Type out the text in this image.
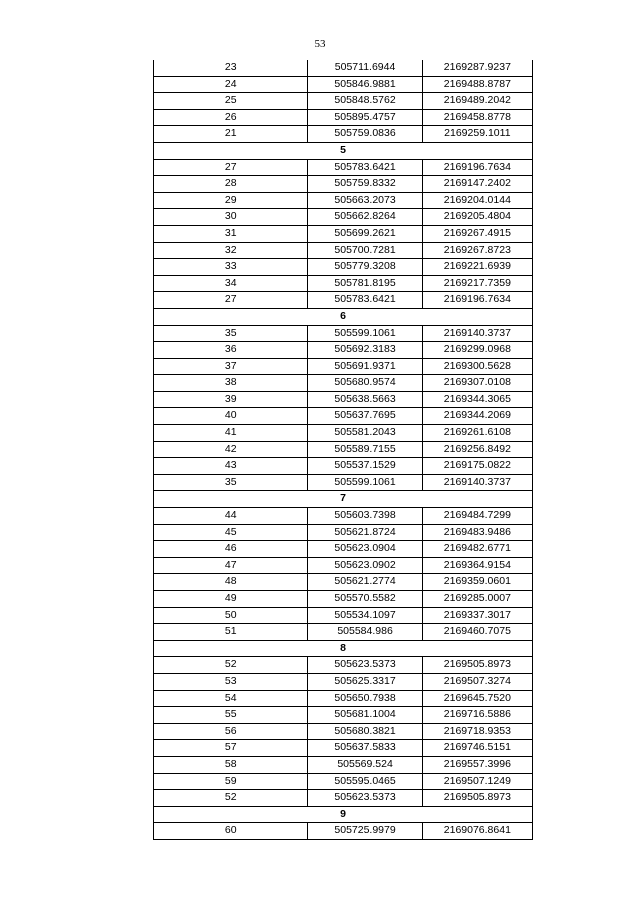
53
23	505711.6944	2169287.9237
24	505846.9881	2169488.8787
25	505848.5762	2169489.2042
26	505895.4757	2169458.8778
21	505759.0836	2169259.1011
5		
27	505783.6421	2169196.7634
28	505759.8332	2169147.2402
29	505663.2073	2169204.0144
30	505662.8264	2169205.4804
31	505699.2621	2169267.4915
32	505700.7281	2169267.8723
33	505779.3208	2169221.6939
34	505781.8195	2169217.7359
27	505783.6421	2169196.7634
6		
35	505599.1061	2169140.3737
36	505692.3183	2169299.0968
37	505691.9371	2169300.5628
38	505680.9574	2169307.0108
39	505638.5663	2169344.3065
40	505637.7695	2169344.2069
41	505581.2043	2169261.6108
42	505589.7155	2169256.8492
43	505537.1529	2169175.0822
35	505599.1061	2169140.3737
7		
44	505603.7398	2169484.7299
45	505621.8724	2169483.9486
46	505623.0904	2169482.6771
47	505623.0902	2169364.9154
48	505621.2774	2169359.0601
49	505570.5582	2169285.0007
50	505534.1097	2169337.3017
51	505584.986	2169460.7075
8		
52	505623.5373	2169505.8973
53	505625.3317	2169507.3274
54	505650.7938	2169645.7520
55	505681.1004	2169716.5886
56	505680.3821	2169718.9353
57	505637.5833	2169746.5151
58	505569.524	2169557.3996
59	505595.0465	2169507.1249
52	505623.5373	2169505.8973
9		
60	505725.9979	2169076.8641
